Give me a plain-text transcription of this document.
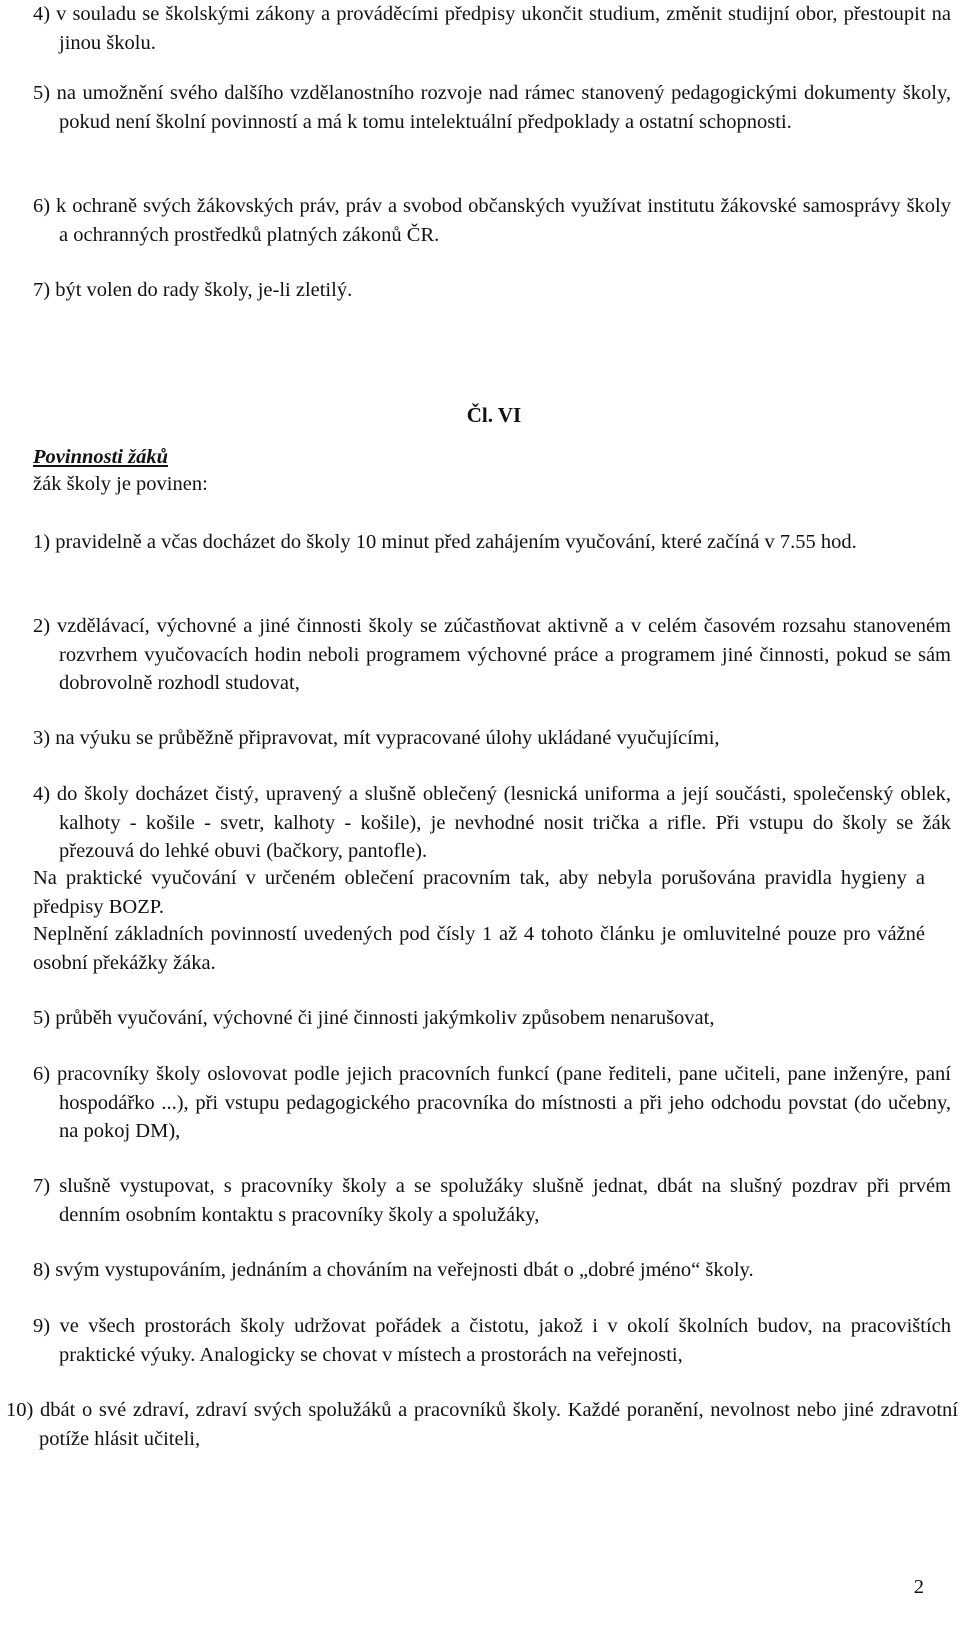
4) v souladu se školskými zákony a prováděcími předpisy ukončit studium, změnit studijní obor, přestoupit na jinou školu.

5) na umožnění svého dalšího vzdělanostního rozvoje nad rámec stanovený pedagogickými dokumenty školy, pokud není školní povinností a má k tomu intelektuální předpoklady a ostatní schopnosti.

6) k ochraně svých žákovských práv, práv a svobod občanských využívat institutu žákovské samosprávy školy a ochranných prostředků platných zákonů ČR.

7) být volen do rady školy, je-li zletilý.

Čl. VI

Povinnosti žáků

žák školy je povinen:

1) pravidelně a včas docházet do školy 10 minut před zahájením vyučování, které začíná v 7.55 hod.

2) vzdělávací, výchovné a jiné činnosti školy se zúčastňovat aktivně a v celém časovém rozsahu stanoveném rozvrhem vyučovacích hodin neboli programem výchovné práce a programem jiné činnosti, pokud se sám dobrovolně rozhodl studovat,

3) na výuku se průběžně připravovat, mít vypracované úlohy ukládané vyučujícími,

4) do školy docházet čistý, upravený a slušně oblečený (lesnická uniforma a její součásti, společenský oblek, kalhoty - košile - svetr, kalhoty - košile), je nevhodné nosit trička a rifle. Při vstupu do školy se žák přezouvá do lehké obuvi (bačkory, pantofle).

Na praktické vyučování v určeném oblečení pracovním tak, aby nebyla porušována pravidla hygieny a předpisy BOZP.

Neplnění základních povinností uvedených pod čísly 1 až 4 tohoto článku je omluvitelné pouze pro vážné osobní překážky žáka.

5) průběh vyučování, výchovné či jiné činnosti jakýmkoliv způsobem nenarušovat,

6) pracovníky školy oslovovat podle jejich pracovních funkcí (pane řediteli, pane učiteli, pane inženýre, paní hospodářko ...), při vstupu pedagogického pracovníka do místnosti a při jeho odchodu povstat (do učebny, na pokoj DM),

7) slušně vystupovat, s pracovníky školy a se spolužáky slušně jednat, dbát na slušný pozdrav při prvém denním osobním kontaktu s pracovníky školy a spolužáky,

8) svým vystupováním, jednáním a chováním na veřejnosti dbát o „dobré jméno“ školy.

9) ve všech prostorách školy udržovat pořádek a čistotu, jakož i v okolí školních budov, na pracovištích praktické výuky. Analogicky se chovat v místech a prostorách na veřejnosti,

10) dbát o své zdraví, zdraví svých spolužáků a pracovníků školy. Každé poranění, nevolnost nebo jiné zdravotní potíže hlásit učiteli,

2
